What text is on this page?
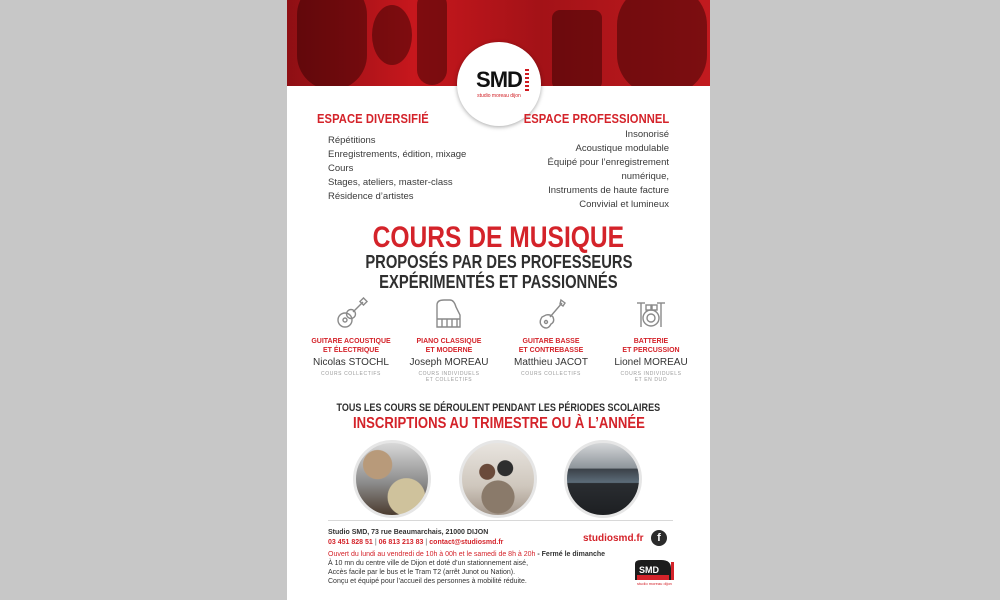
SMD
studio moreau dijon
ESPACE DIVERSIFIÉ
Répétitions
Enregistrements, édition, mixage
Cours
Stages, ateliers, master-class
Résidence d’artistes
ESPACE PROFESSIONNEL
Insonorisé
Acoustique modulable
Équipé pour l’enregistrement
numérique,
Instruments de haute facture
Convivial et lumineux
COURS DE MUSIQUE
PROPOSÉS PAR DES PROFESSEURS
EXPÉRIMENTÉS ET PASSIONNÉS
GUITARE ACOUSTIQUE
ET ÉLECTRIQUE
Nicolas STOCHL
COURS COLLECTIFS
PIANO CLASSIQUE
ET MODERNE
Joseph MOREAU
COURS INDIVIDUELS
ET COLLECTIFS
GUITARE BASSE
ET CONTREBASSE
Matthieu JACOT
COURS COLLECTIFS
BATTERIE
ET PERCUSSION
Lionel MOREAU
COURS INDIVIDUELS
ET EN DUO
TOUS LES COURS SE DÉROULENT PENDANT LES PÉRIODES SCOLAIRES
INSCRIPTIONS AU TRIMESTRE OU À L’ANNÉE
Studio SMD, 73 rue Beaumarchais, 21000 DIJON
03 451 828 51 | 06 813 213 83 | contact@studiosmd.fr
Ouvert du lundi au vendredi de 10h à 00h et le samedi de 8h à 20h - Fermé le dimanche
À 10 mn du centre ville de Dijon et doté d’un stationnement aisé,
Accès facile par le bus et le Tram T2 (arrêt Junot ou Nation).
Conçu et équipé pour l’accueil des personnes à mobilité réduite.
studiosmd.fr	f
SMD
studio moreau dijon
